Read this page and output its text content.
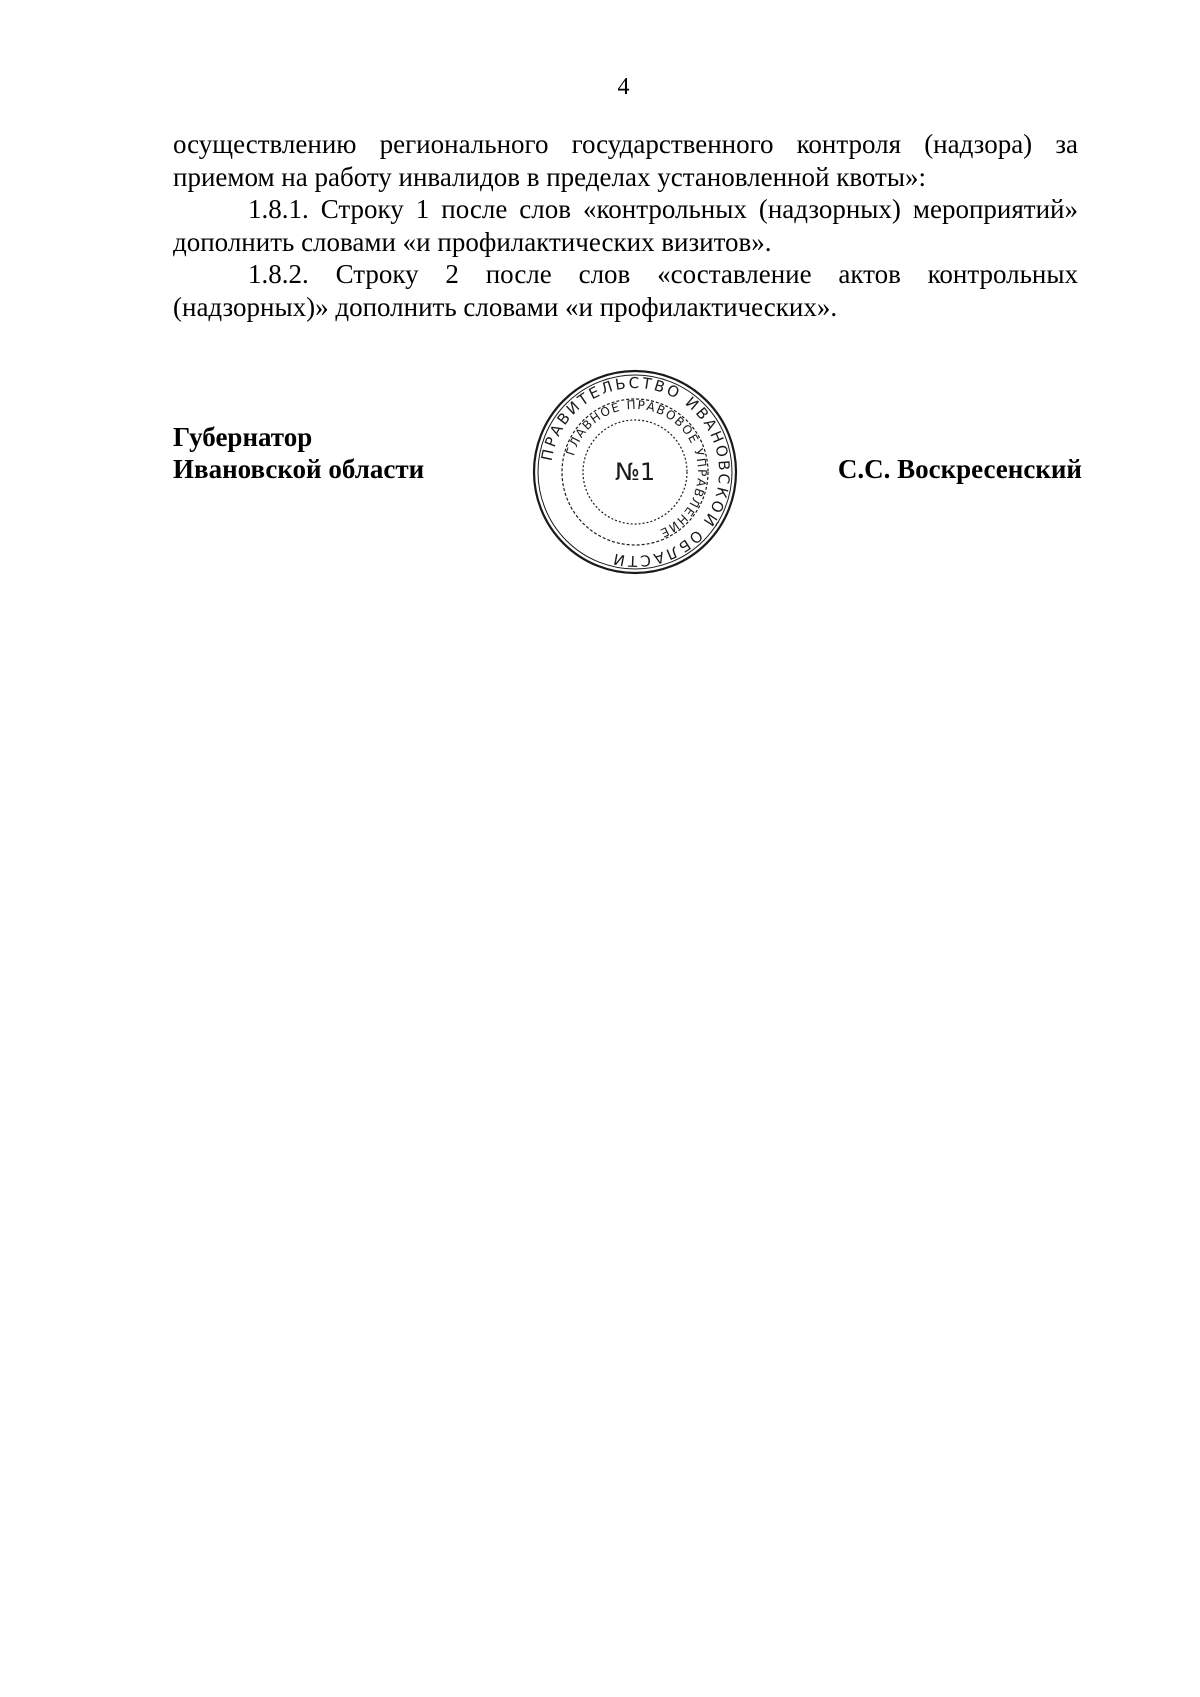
4

осуществлению регионального государственного контроля (надзора) за приемом на работу инвалидов в пределах установленной квоты»:

1.8.1. Строку 1 после слов «контрольных (надзорных) мероприятий» дополнить словами «и профилактических визитов».

1.8.2. Строку 2 после слов «составление актов контрольных (надзорных)» дополнить словами «и профилактических».

Губернатор
Ивановской области
ПРАВИТЕЛЬСТВО ИВАНОВСКОЙ ОБЛАСТИ
ГЛАВНОЕ ПРАВОВОЕ УПРАВЛЕНИЕ
№1	С.С. Воскресенский
